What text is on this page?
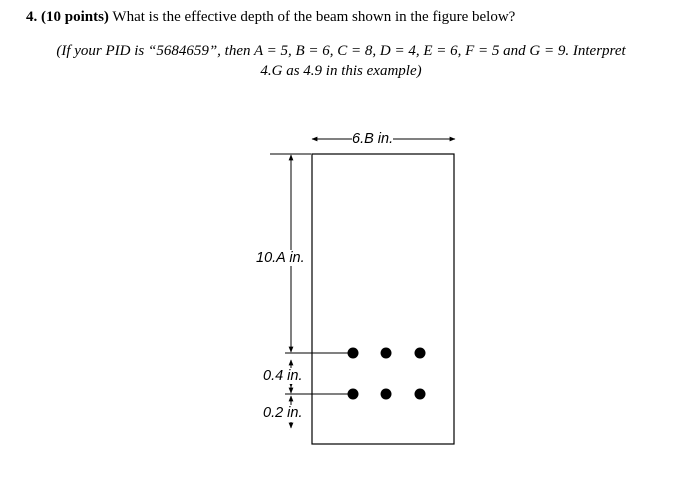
4. (10 points) What is the effective depth of the beam shown in the figure below?
(If your PID is “5684659”, then A = 5, B = 6, C = 8, D = 4, E = 6, F = 5 and G = 9. Interpret
4.G as 4.9 in this example)
6.B in.
10.A in.
0.4 in.
0.2 in.
